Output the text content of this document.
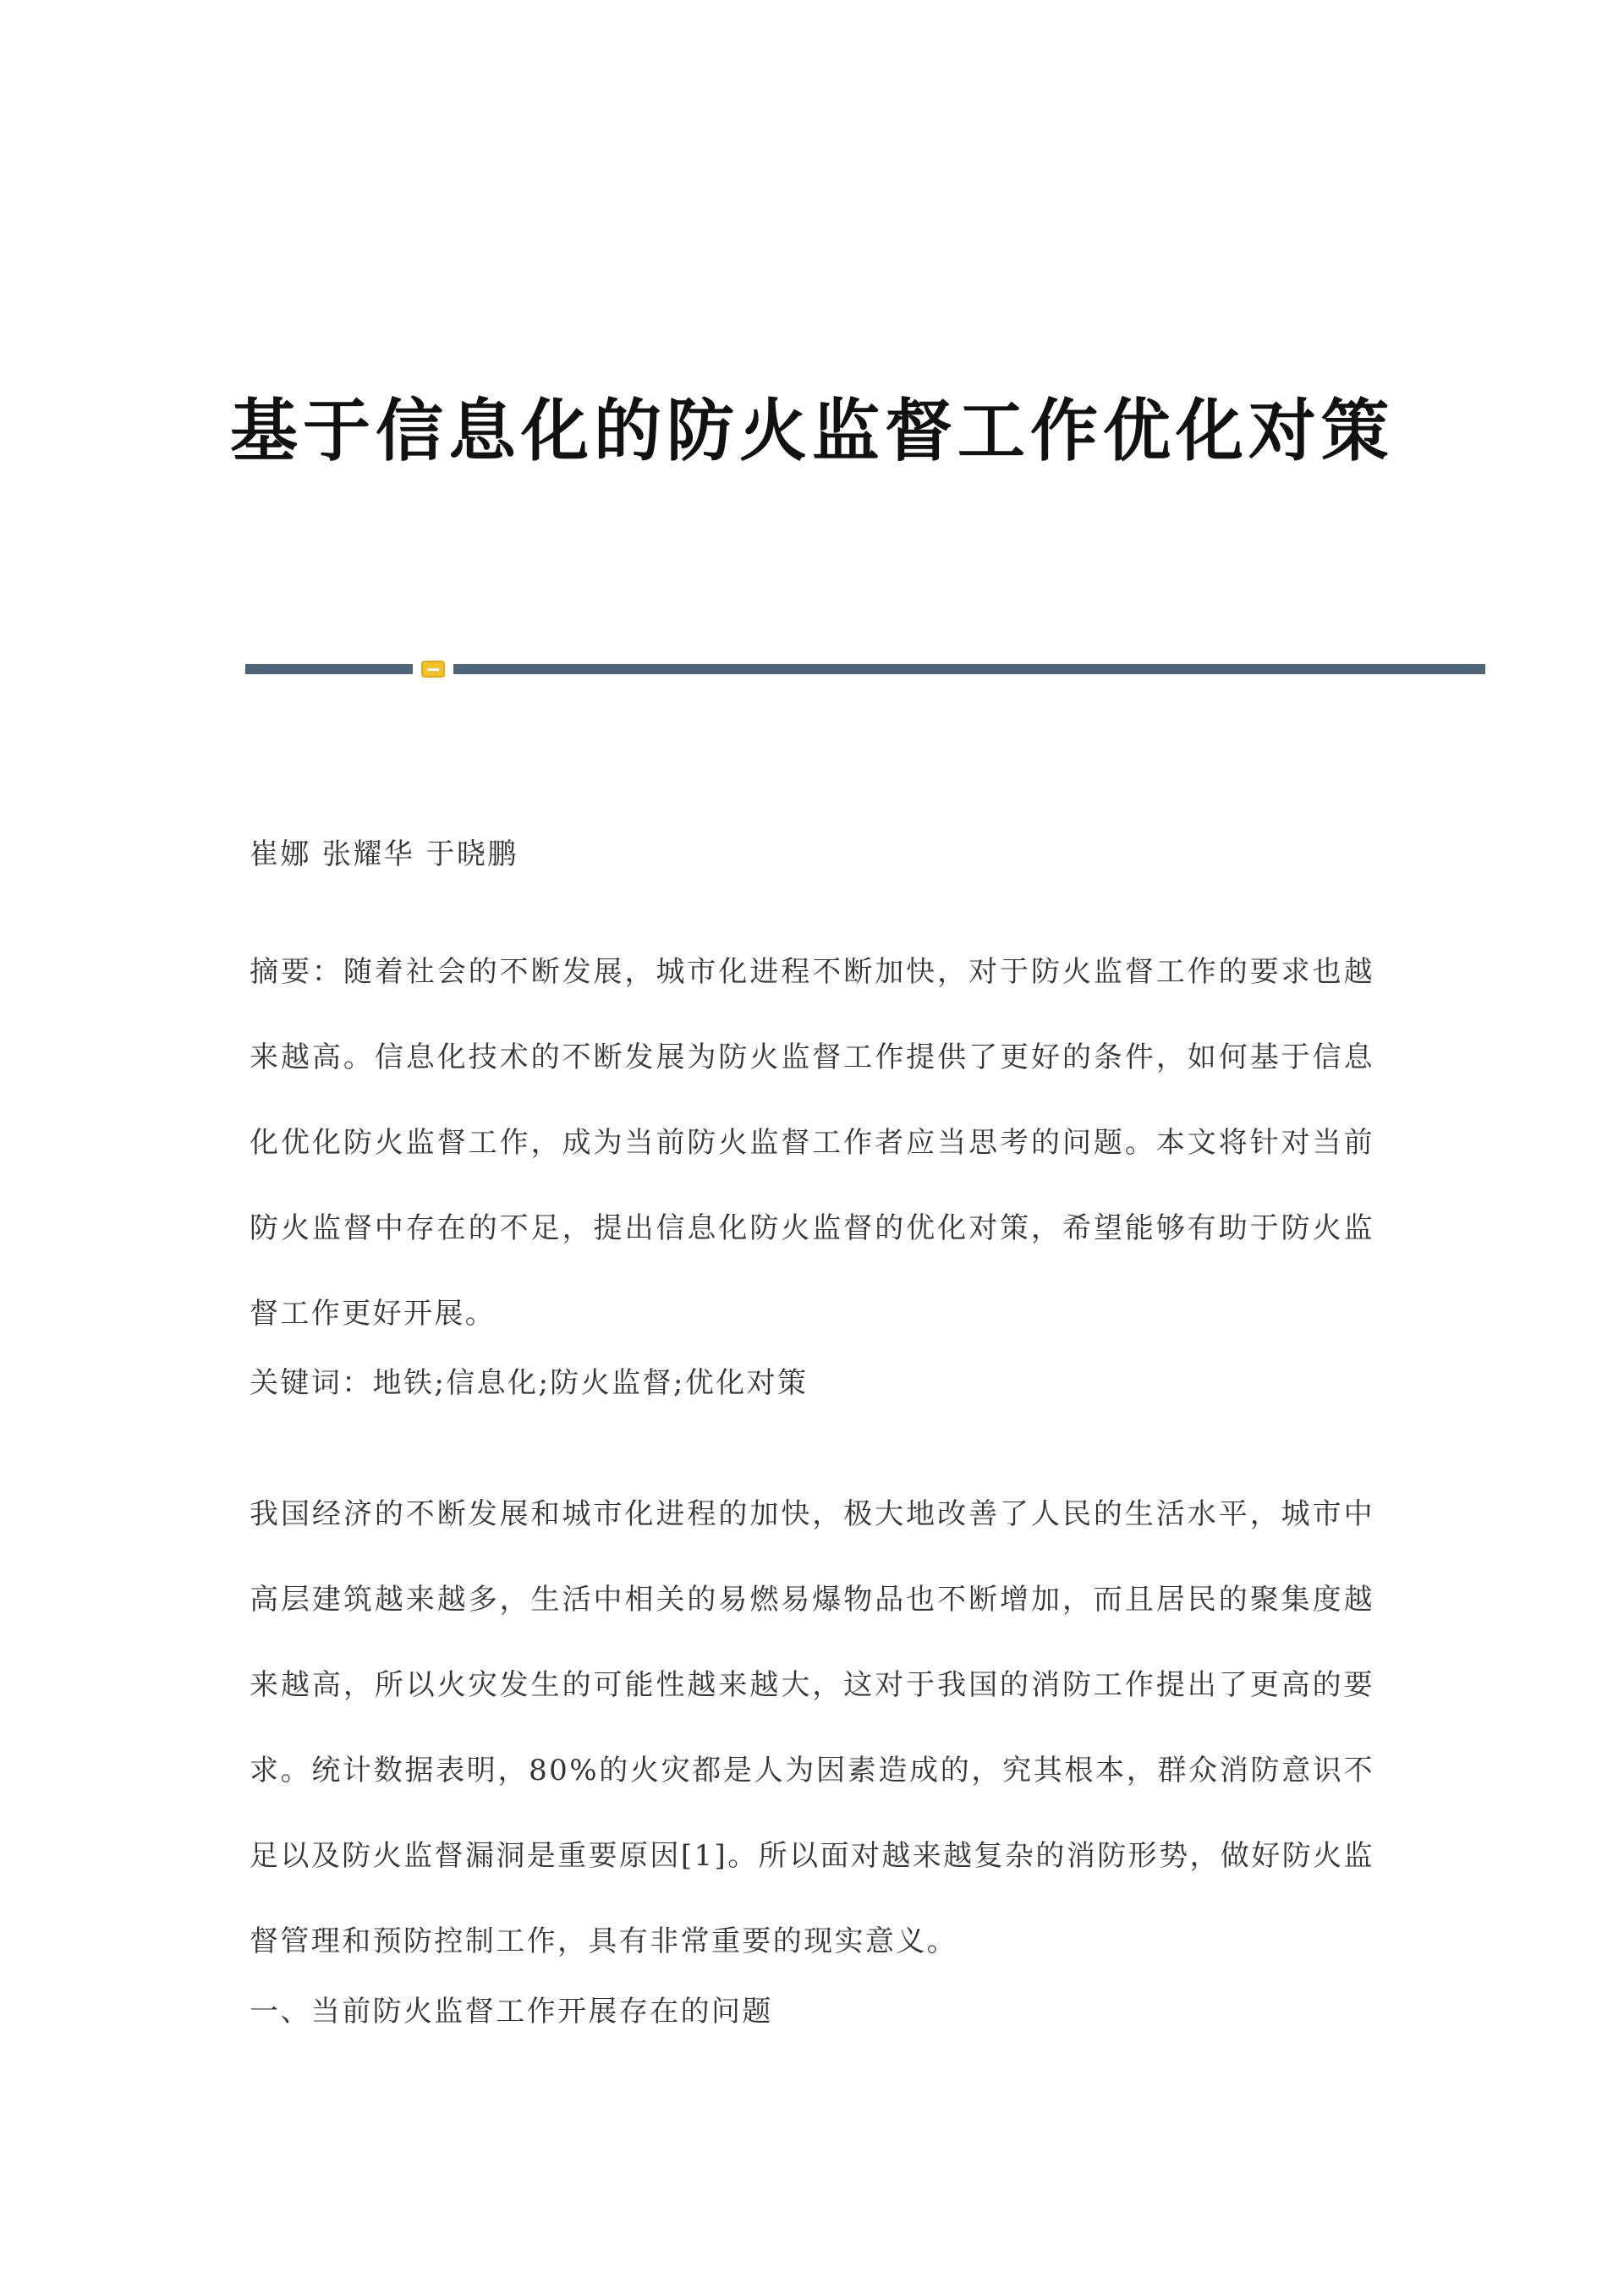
基于信息化的防火监督工作优化对策

崔娜 张耀华 于晓鹏

摘要：随着社会的不断发展，城市化进程不断加快，对于防火监督工作的要求也越来越高。信息化技术的不断发展为防火监督工作提供了更好的条件，如何基于信息化优化防火监督工作，成为当前防火监督工作者应当思考的问题。本文将针对当前防火监督中存在的不足，提出信息化防火监督的优化对策，希望能够有助于防火监督工作更好开展。

关键词：地铁;信息化;防火监督;优化对策

我国经济的不断发展和城市化进程的加快，极大地改善了人民的生活水平，城市中高层建筑越来越多，生活中相关的易燃易爆物品也不断增加，而且居民的聚集度越来越高，所以火灾发生的可能性越来越大，这对于我国的消防工作提出了更高的要求。统计数据表明，80%的火灾都是人为因素造成的，究其根本，群众消防意识不足以及防火监督漏洞是重要原因[1]。所以面对越来越复杂的消防形势，做好防火监督管理和预防控制工作，具有非常重要的现实意义。

一、当前防火监督工作开展存在的问题
